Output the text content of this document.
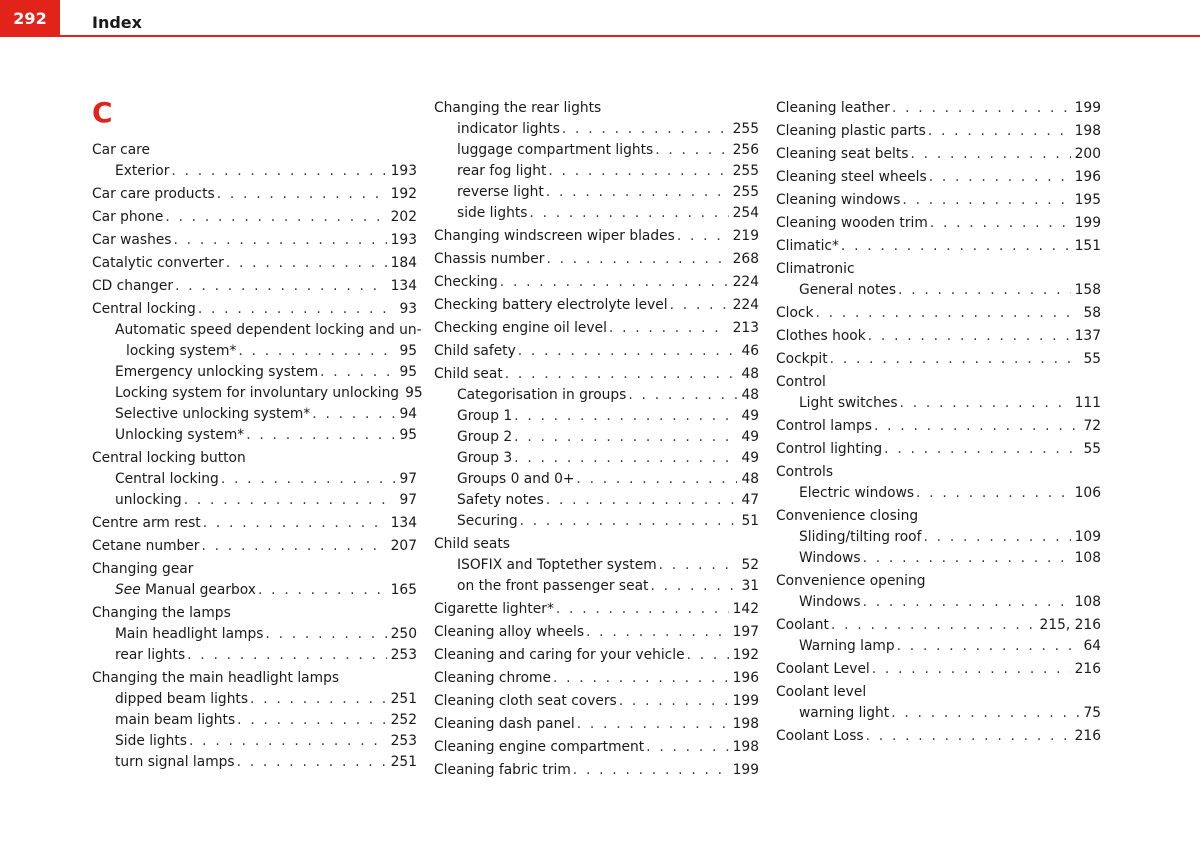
292	Index
C
Car care
Exterior . . .	193
Car care products . . .	192
Car phone . . .	202
Car washes . . .	193
Catalytic converter . . .	184
CD changer . . .	134
Central locking . . .	93
Automatic speed dependent locking and un-
locking system* . . .	95
Emergency unlocking system . . .	95
Locking system for involuntary unlocking 95
Selective unlocking system* . . .	94
Unlocking system* . . .	95
Central locking button
Central locking . . .	97
unlocking . . .	97
Centre arm rest . . .	134
Cetane number . . .	207
Changing gear
See Manual gearbox . . .	165
Changing the lamps
Main headlight lamps . . .	250
rear lights . . .	253
Changing the main headlight lamps
dipped beam lights . . .	251
main beam lights . . .	252
Side lights . . .	253
turn signal lamps . . .	251
Changing the rear lights
indicator lights . . .	255
luggage compartment lights . . .	256
rear fog light . . .	255
reverse light . . .	255
side lights . . .	254
Changing windscreen wiper blades . . .	219
Chassis number . . .	268
Checking . . .	224
Checking battery electrolyte level . . .	224
Checking engine oil level . . .	213
Child safety . . .	46
Child seat . . .	48
Categorisation in groups . . .	48
Group 1 . . .	49
Group 2 . . .	49
Group 3 . . .	49
Groups 0 and 0+ . . .	48
Safety notes . . .	47
Securing . . .	51
Child seats
ISOFIX and Toptether system . . .	52
on the front passenger seat . . .	31
Cigarette lighter* . . .	142
Cleaning alloy wheels . . .	197
Cleaning and caring for your vehicle . . .	192
Cleaning chrome . . .	196
Cleaning cloth seat covers . . .	199
Cleaning dash panel . . .	198
Cleaning engine compartment . . .	198
Cleaning fabric trim . . .	199
Cleaning leather . . .	199
Cleaning plastic parts . . .	198
Cleaning seat belts . . .	200
Cleaning steel wheels . . .	196
Cleaning windows . . .	195
Cleaning wooden trim . . .	199
Climatic* . . .	151
Climatronic
General notes . . .	158
Clock . . .	58
Clothes hook . . .	137
Cockpit . . .	55
Control
Light switches . . .	111
Control lamps . . .	72
Control lighting . . .	55
Controls
Electric windows . . .	106
Convenience closing
Sliding/tilting roof . . .	109
Windows . . .	108
Convenience opening
Windows . . .	108
Coolant . . .	215, 216
Warning lamp . . .	64
Coolant Level . . .	216
Coolant level
warning light . . .	75
Coolant Loss . . .	216
